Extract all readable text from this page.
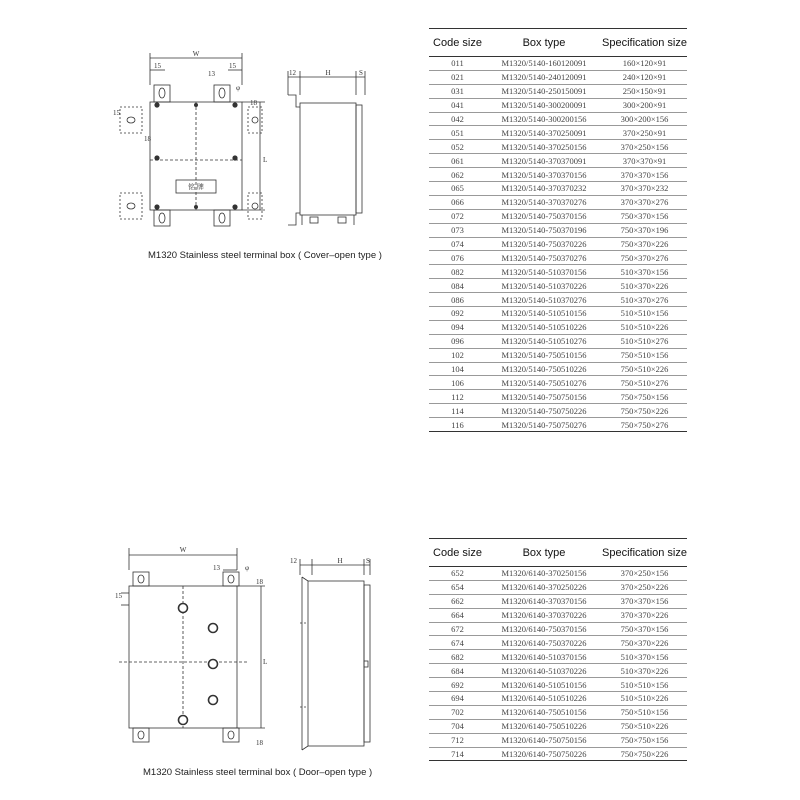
W
15
13
15
15
18
18
φ
L
铭 牌
12	H	S
M1320 Stainless steel terminal box ( Cover–open type )
Code size	Box type	Specification size
011	M1320/5140-160120091	160×120×91
021	M1320/5140-240120091	240×120×91
031	M1320/5140-250150091	250×150×91
041	M1320/5140-300200091	300×200×91
042	M1320/5140-300200156	300×200×156
051	M1320/5140-370250091	370×250×91
052	M1320/5140-370250156	370×250×156
061	M1320/5140-370370091	370×370×91
062	M1320/5140-370370156	370×370×156
065	M1320/5140-370370232	370×370×232
066	M1320/5140-370370276	370×370×276
072	M1320/5140-750370156	750×370×156
073	M1320/5140-750370196	750×370×196
074	M1320/5140-750370226	750×370×226
076	M1320/5140-750370276	750×370×276
082	M1320/5140-510370156	510×370×156
084	M1320/5140-510370226	510×370×226
086	M1320/5140-510370276	510×370×276
092	M1320/5140-510510156	510×510×156
094	M1320/5140-510510226	510×510×226
096	M1320/5140-510510276	510×510×276
102	M1320/5140-750510156	750×510×156
104	M1320/5140-750510226	750×510×226
106	M1320/5140-750510276	750×510×276
112	M1320/5140-750750156	750×750×156
114	M1320/5140-750750226	750×750×226
116	M1320/5140-750750276	750×750×276
W
13	φ
18
15
L
18
12	H	S
M1320 Stainless steel terminal box ( Door–open type )
Code size	Box type	Specification size
652	M1320/6140-370250156	370×250×156
654	M1320/6140-370250226	370×250×226
662	M1320/6140-370370156	370×370×156
664	M1320/6140-370370226	370×370×226
672	M1320/6140-750370156	750×370×156
674	M1320/6140-750370226	750×370×226
682	M1320/6140-510370156	510×370×156
684	M1320/6140-510370226	510×370×226
692	M1320/6140-510510156	510×510×156
694	M1320/6140-510510226	510×510×226
702	M1320/6140-750510156	750×510×156
704	M1320/6140-750510226	750×510×226
712	M1320/6140-750750156	750×750×156
714	M1320/6140-750750226	750×750×226
